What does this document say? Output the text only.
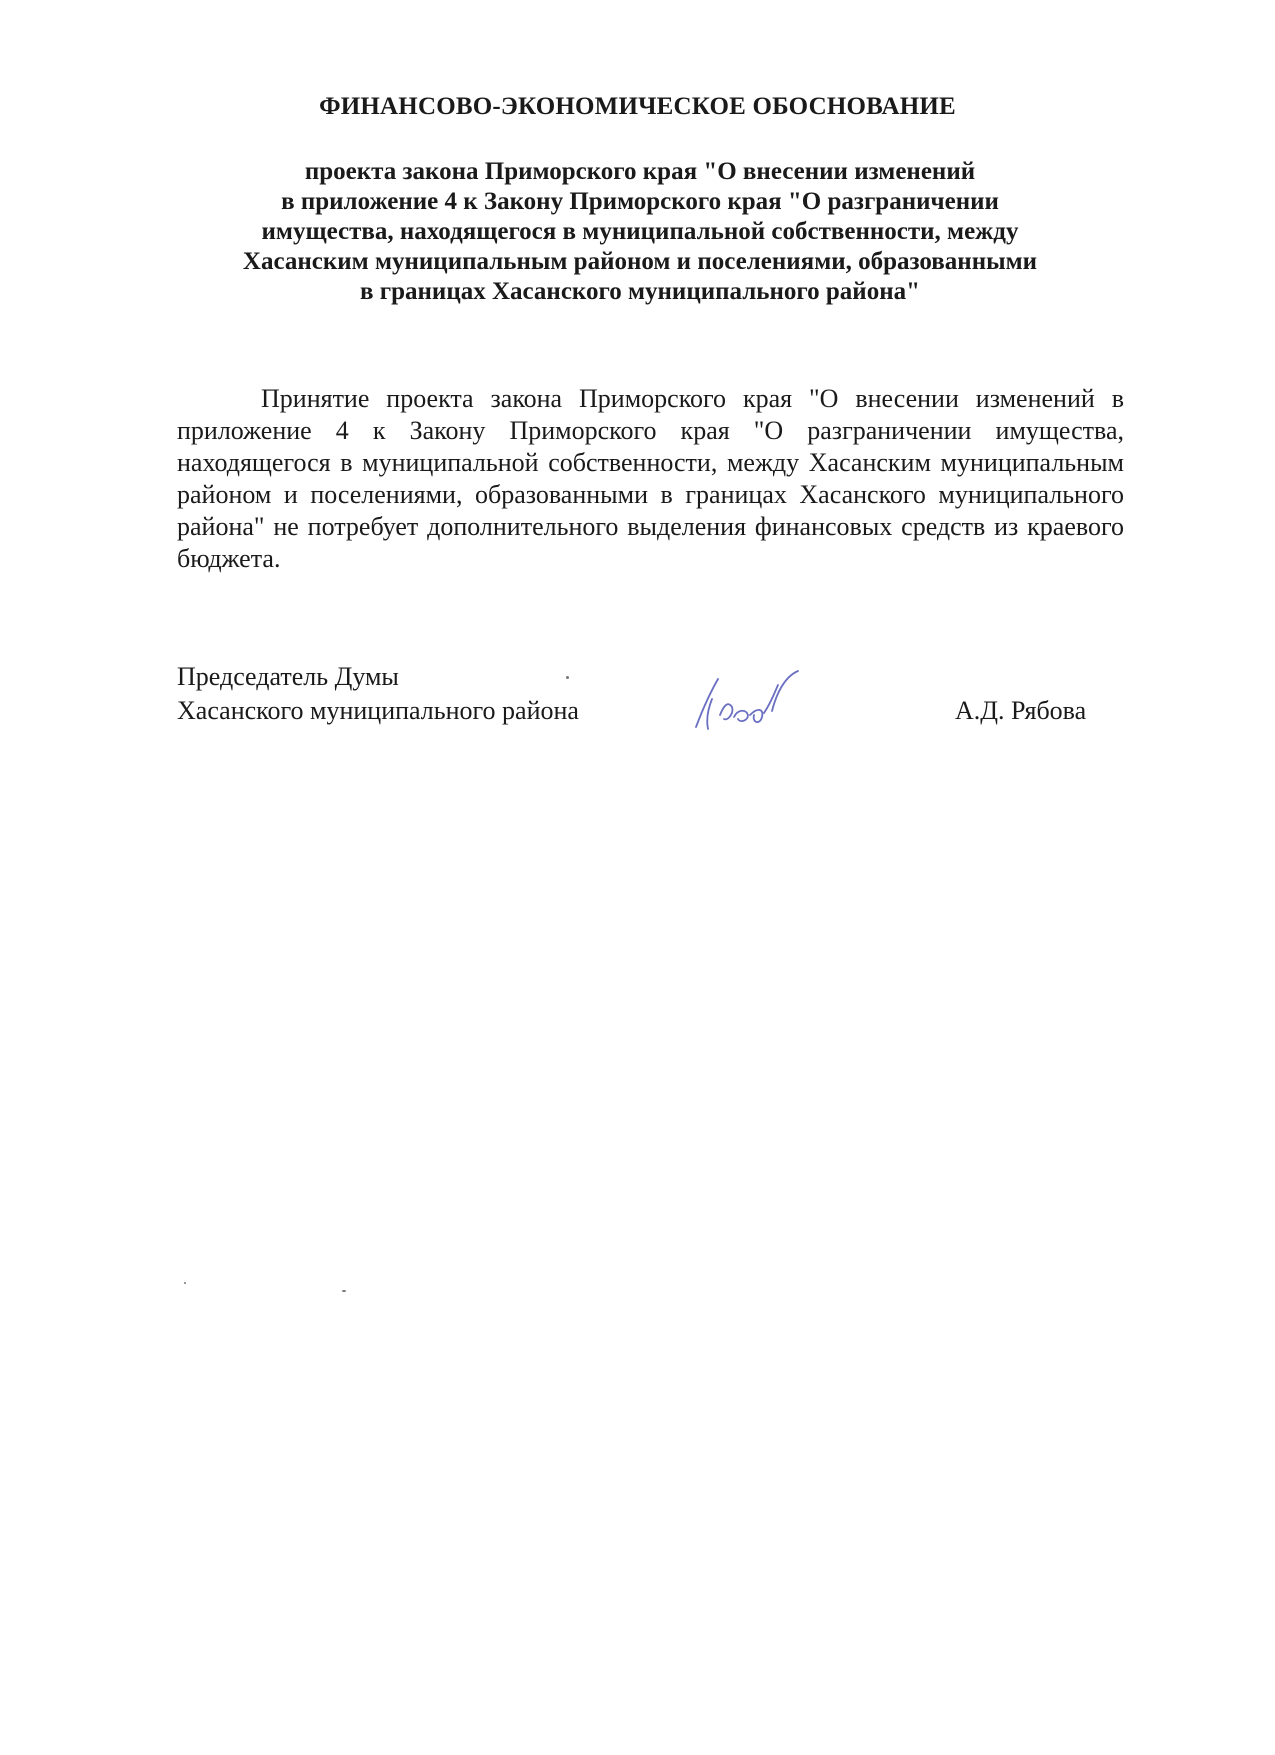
ФИНАНСОВО-ЭКОНОМИЧЕСКОЕ ОБОСНОВАНИЕ
проекта закона Приморского края "О внесении изменений
в приложение 4 к Закону Приморского края "О разграничении
имущества, находящегося в муниципальной собственности, между
Хасанским муниципальным районом и поселениями, образованными
в границах Хасанского муниципального района"

Принятие проекта закона Приморского края "О внесении изменений в приложение 4 к Закону Приморского края "О разграничении имущества, находящегося в муниципальной собственности, между Хасанским муниципальным районом и поселениями, образованными в границах Хасанского муниципального района" не потребует дополнительного выделения финансовых средств из краевого бюджета.

Председатель Думы
Хасанского муниципального района	А.Д. Рябова
